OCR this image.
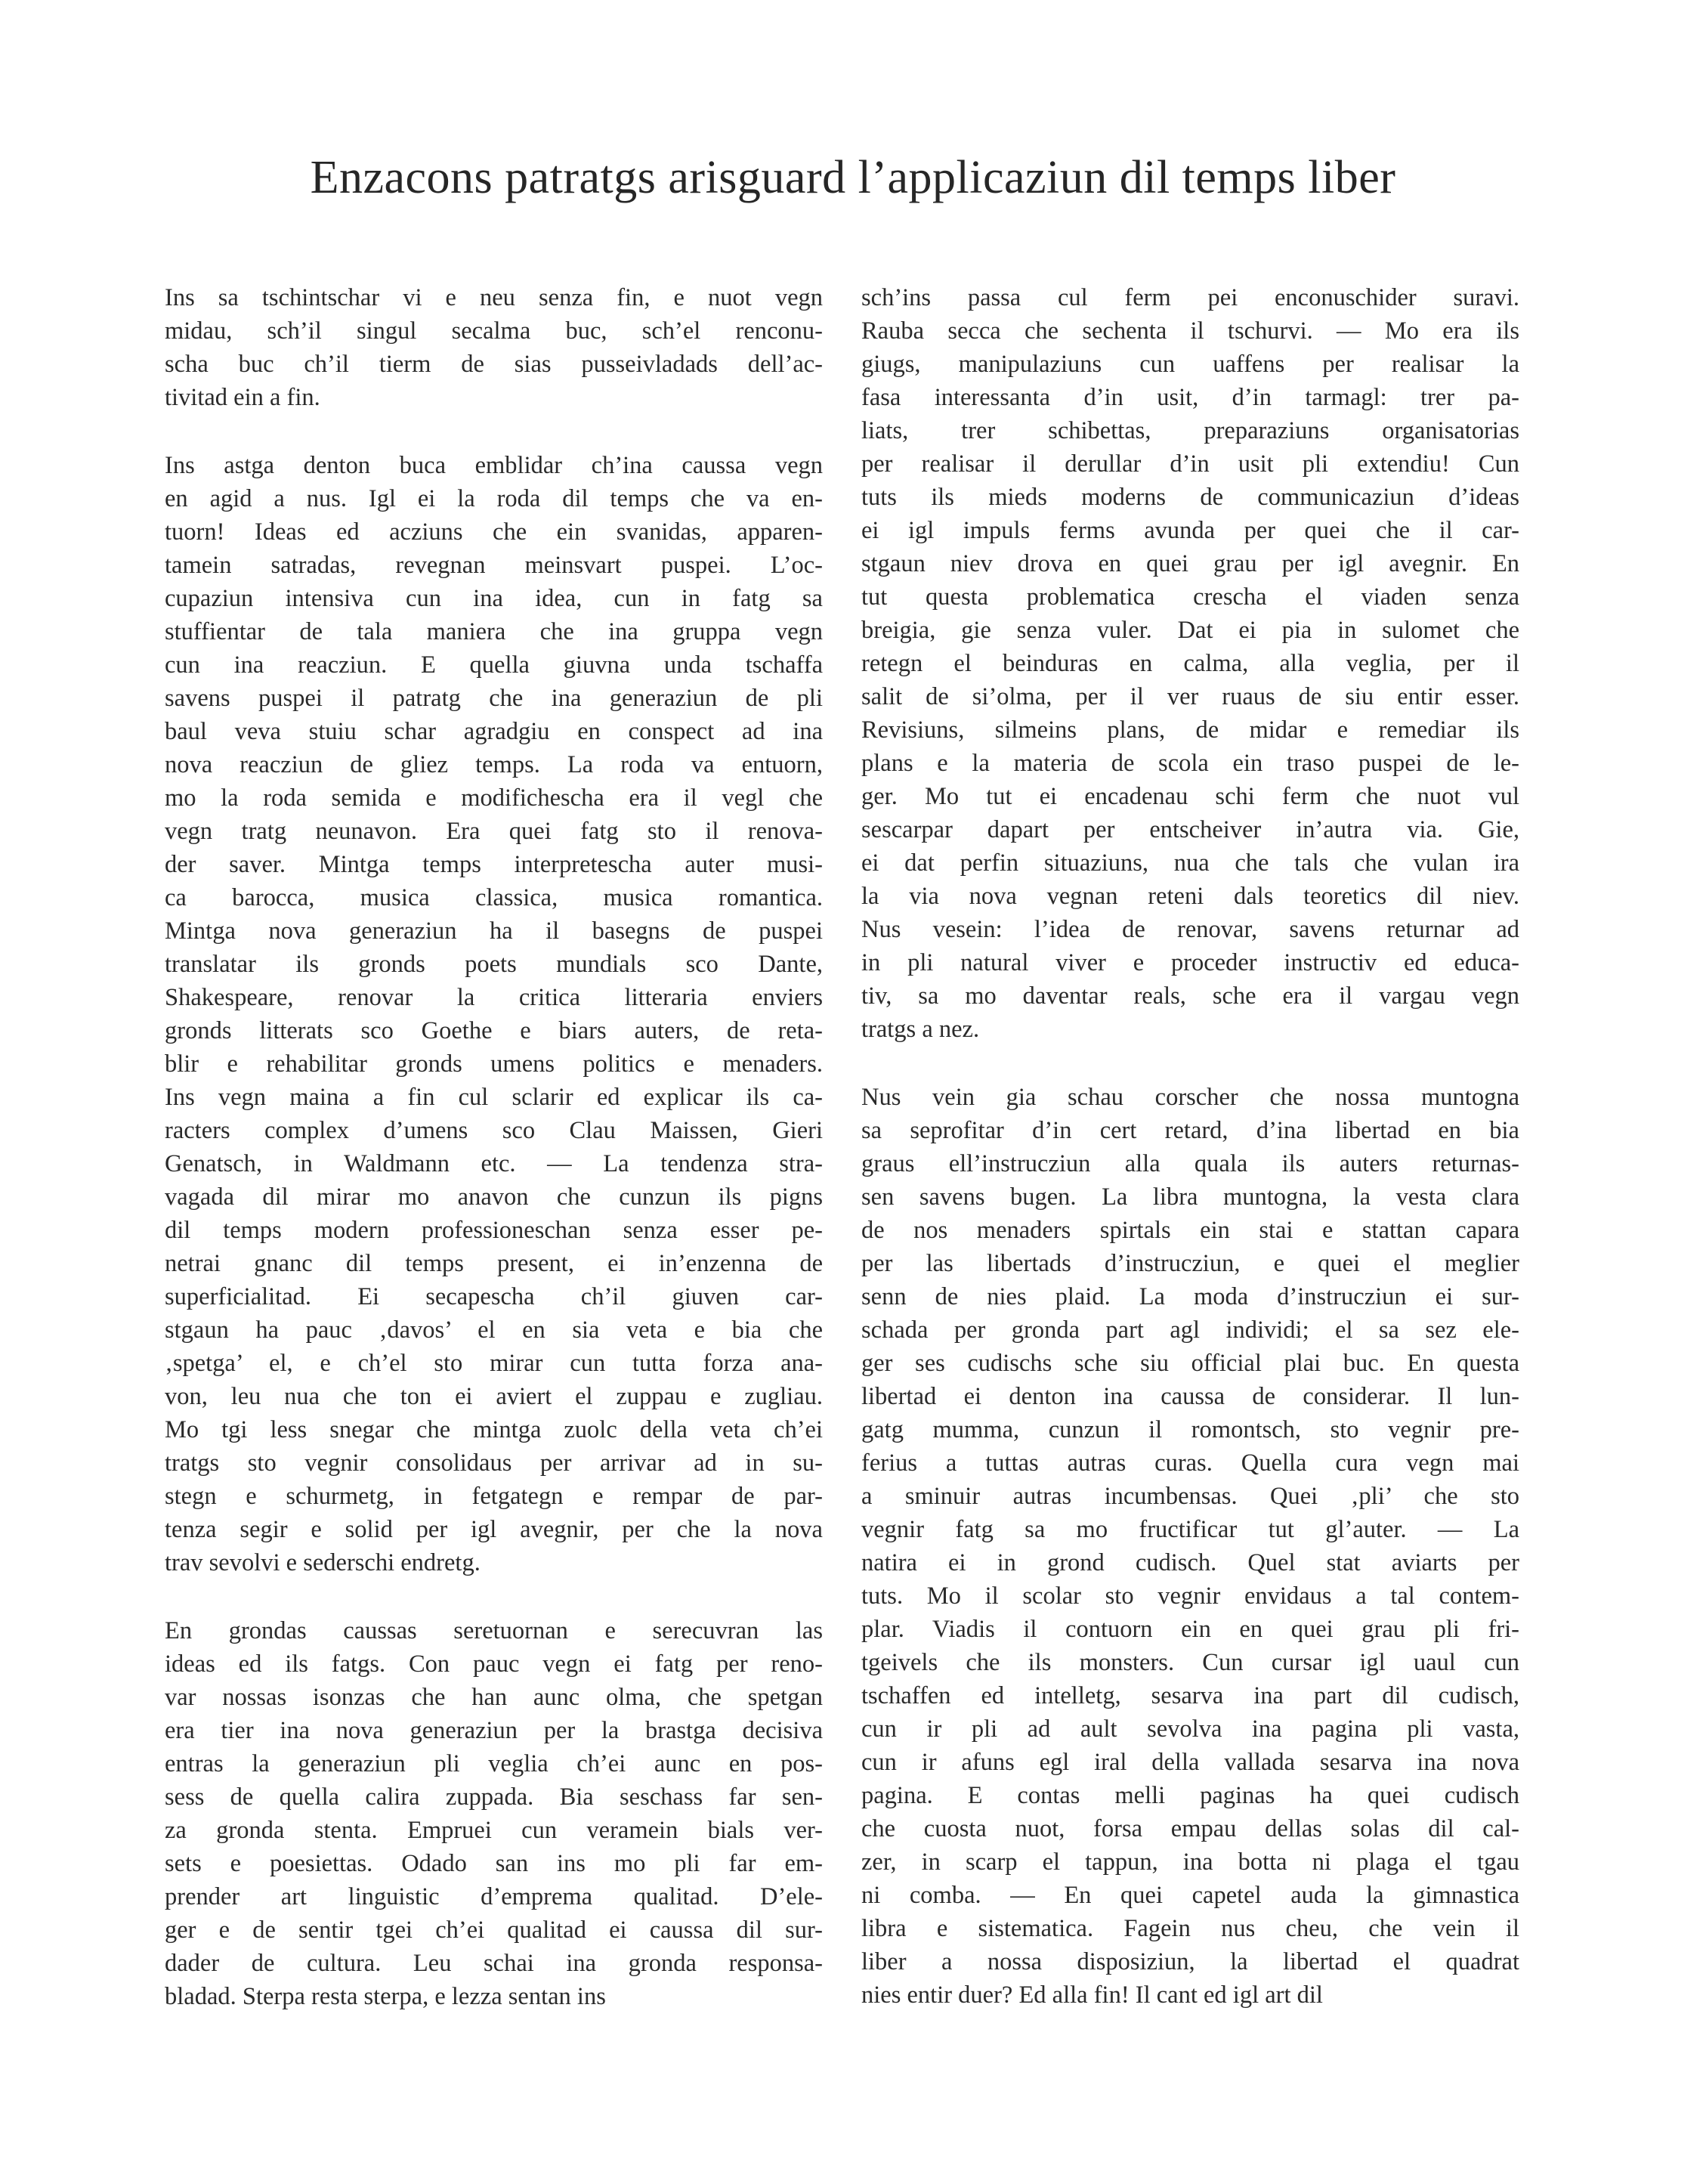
Enzacons patratgs arisguard l’applicaziun dil temps liber
Ins sa tschintschar vi e neu senza fin, e nuot vegn
midau, sch’il singul secalma buc, sch’el renconu-
scha buc ch’il tierm de sias pusseivladads dell’ac-
tivitad ein a fin.
Ins astga denton buca emblidar ch’ina caussa vegn
en agid a nus. Igl ei la roda dil temps che va en-
tuorn! Ideas ed acziuns che ein svanidas, apparen-
tamein satradas, revegnan meinsvart puspei. L’oc-
cupaziun intensiva cun ina idea, cun in fatg sa
stuffientar de tala maniera che ina gruppa vegn
cun ina reacziun. E quella giuvna unda tschaffa
savens puspei il patratg che ina generaziun de pli
baul veva stuiu schar agradgiu en conspect ad ina
nova reacziun de gliez temps. La roda va entuorn,
mo la roda semida e modifichescha era il vegl che
vegn tratg neunavon. Era quei fatg sto il renova-
der saver. Mintga temps interpretescha auter musi-
ca barocca, musica classica, musica romantica.
Mintga nova generaziun ha il basegns de puspei
translatar ils gronds poets mundials sco Dante,
Shakespeare, renovar la critica litteraria enviers
gronds litterats sco Goethe e biars auters, de reta-
blir e rehabilitar gronds umens politics e menaders.
Ins vegn maina a fin cul sclarir ed explicar ils ca-
racters complex d’umens sco Clau Maissen, Gieri
Genatsch, in Waldmann etc. — La tendenza stra-
vagada dil mirar mo anavon che cunzun ils pigns
dil temps modern professioneschan senza esser pe-
netrai gnanc dil temps present, ei in’enzenna de
superficialitad. Ei secapescha ch’il giuven car-
stgaun ha pauc ‚davos’ el en sia veta e bia che
‚spetga’ el, e ch’el sto mirar cun tutta forza ana-
von, leu nua che ton ei aviert el zuppau e zugliau.
Mo tgi less snegar che mintga zuolc della veta ch’ei
tratgs sto vegnir consolidaus per arrivar ad in su-
stegn e schurmetg, in fetgategn e rempar de par-
tenza segir e solid per igl avegnir, per che la nova
trav sevolvi e sederschi endretg.
En grondas caussas seretuornan e serecuvran las
ideas ed ils fatgs. Con pauc vegn ei fatg per reno-
var nossas isonzas che han aunc olma, che spetgan
era tier ina nova generaziun per la brastga decisiva
entras la generaziun pli veglia ch’ei aunc en pos-
sess de quella calira zuppada. Bia seschass far sen-
za gronda stenta. Empruei cun veramein bials ver-
sets e poesiettas. Odado san ins mo pli far em-
prender art linguistic d’emprema qualitad. D’ele-
ger e de sentir tgei ch’ei qualitad ei caussa dil sur-
dader de cultura. Leu schai ina gronda responsa-
bladad. Sterpa resta sterpa, e lezza sentan ins
sch’ins passa cul ferm pei enconuschider suravi.
Rauba secca che sechenta il tschurvi. — Mo era ils
giugs, manipulaziuns cun uaffens per realisar la
fasa interessanta d’in usit, d’in tarmagl: trer pa-
liats, trer schibettas, preparaziuns organisatorias
per realisar il derullar d’in usit pli extendiu! Cun
tuts ils mieds moderns de communicaziun d’ideas
ei igl impuls ferms avunda per quei che il car-
stgaun niev drova en quei grau per igl avegnir. En
tut questa problematica crescha el viaden senza
breigia, gie senza vuler. Dat ei pia in sulomet che
retegn el beinduras en calma, alla veglia, per il
salit de si’olma, per il ver ruaus de siu entir esser.
Revisiuns, silmeins plans, de midar e remediar ils
plans e la materia de scola ein traso puspei de le-
ger. Mo tut ei encadenau schi ferm che nuot vul
sescarpar dapart per entscheiver in’autra via. Gie,
ei dat perfin situaziuns, nua che tals che vulan ira
la via nova vegnan reteni dals teoretics dil niev.
Nus vesein: l’idea de renovar, savens returnar ad
in pli natural viver e proceder instructiv ed educa-
tiv, sa mo daventar reals, sche era il vargau vegn
tratgs a nez.
Nus vein gia schau corscher che nossa muntogna
sa seprofitar d’in cert retard, d’ina libertad en bia
graus ell’instrucziun alla quala ils auters returnas-
sen savens bugen. La libra muntogna, la vesta clara
de nos menaders spirtals ein stai e stattan capara
per las libertads d’instrucziun, e quei el meglier
senn de nies plaid. La moda d’instrucziun ei sur-
schada per gronda part agl individi; el sa sez ele-
ger ses cudischs sche siu official plai buc. En questa
libertad ei denton ina caussa de considerar. Il lun-
gatg mumma, cunzun il romontsch, sto vegnir pre-
ferius a tuttas autras curas. Quella cura vegn mai
a sminuir autras incumbensas. Quei ‚pli’ che sto
vegnir fatg sa mo fructificar tut gl’auter. — La
natira ei in grond cudisch. Quel stat aviarts per
tuts. Mo il scolar sto vegnir envidaus a tal contem-
plar. Viadis il contuorn ein en quei grau pli fri-
tgeivels che ils monsters. Cun cursar igl uaul cun
tschaffen ed intelletg, sesarva ina part dil cudisch,
cun ir pli ad ault sevolva ina pagina pli vasta,
cun ir afuns egl iral della vallada sesarva ina nova
pagina. E contas melli paginas ha quei cudisch
che cuosta nuot, forsa empau dellas solas dil cal-
zer, in scarp el tappun, ina botta ni plaga el tgau
ni comba. — En quei capetel auda la gimnastica
libra e sistematica. Fagein nus cheu, che vein il
liber a nossa disposiziun, la libertad el quadrat
nies entir duer? Ed alla fin! Il cant ed igl art dil
